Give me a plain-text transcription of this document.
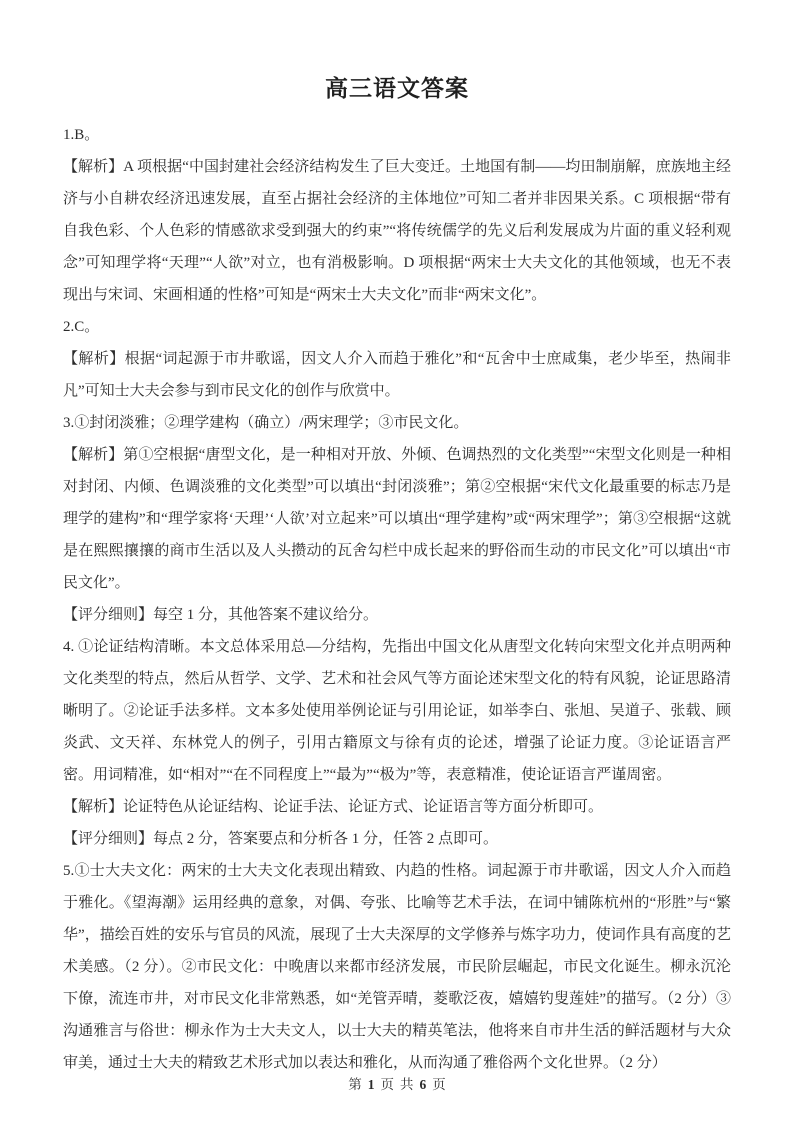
高三语文答案

1.B。

【解析】A 项根据“中国封建社会经济结构发生了巨大变迁。土地国有制——均田制崩解，庶族地主经济与小自耕农经济迅速发展，直至占据社会经济的主体地位”可知二者并非因果关系。C 项根据“带有自我色彩、个人色彩的情感欲求受到强大的约束”“将传统儒学的先义后利发展成为片面的重义轻利观念”可知理学将“天理”“人欲”对立，也有消极影响。D 项根据“两宋士大夫文化的其他领域，也无不表现出与宋词、宋画相通的性格”可知是“两宋士大夫文化”而非“两宋文化”。

2.C。

【解析】根据“词起源于市井歌谣，因文人介入而趋于雅化”和“瓦舍中士庶咸集，老少毕至，热闹非凡”可知士大夫会参与到市民文化的创作与欣赏中。

3.①封闭淡雅；②理学建构（确立）/两宋理学；③市民文化。

【解析】第①空根据“唐型文化，是一种相对开放、外倾、色调热烈的文化类型”“宋型文化则是一种相对封闭、内倾、色调淡雅的文化类型”可以填出“封闭淡雅”；第②空根据“宋代文化最重要的标志乃是理学的建构”和“理学家将‘天理’‘人欲’对立起来”可以填出“理学建构”或“两宋理学”；第③空根据“这就是在熙熙攘攘的商市生活以及人头攒动的瓦舍勾栏中成长起来的野俗而生动的市民文化”可以填出“市民文化”。

【评分细则】每空 1 分，其他答案不建议给分。

4. ①论证结构清晰。本文总体采用总—分结构，先指出中国文化从唐型文化转向宋型文化并点明两种文化类型的特点，然后从哲学、文学、艺术和社会风气等方面论述宋型文化的特有风貌，论证思路清晰明了。②论证手法多样。文本多处使用举例论证与引用论证，如举李白、张旭、吴道子、张载、顾炎武、文天祥、东林党人的例子，引用古籍原文与徐有贞的论述，增强了论证力度。③论证语言严密。用词精准，如“相对”“在不同程度上”“最为”“极为”等，表意精准，使论证语言严谨周密。

【解析】论证特色从论证结构、论证手法、论证方式、论证语言等方面分析即可。

【评分细则】每点 2 分，答案要点和分析各 1 分，任答 2 点即可。

5.①士大夫文化：两宋的士大夫文化表现出精致、内趋的性格。词起源于市井歌谣，因文人介入而趋于雅化。《望海潮》运用经典的意象，对偶、夸张、比喻等艺术手法，在词中铺陈杭州的“形胜”与“繁华”，描绘百姓的安乐与官员的风流，展现了士大夫深厚的文学修养与炼字功力，使词作具有高度的艺术美感。（2 分）。②市民文化：中晚唐以来都市经济发展，市民阶层崛起，市民文化诞生。柳永沉沦下僚，流连市井，对市民文化非常熟悉，如“羌管弄晴，菱歌泛夜，嬉嬉钓叟莲娃”的描写。（2 分）③沟通雅言与俗世：柳永作为士大夫文人，以士大夫的精英笔法，他将来自市井生活的鲜活题材与大众审美，通过士大夫的精致艺术形式加以表达和雅化，从而沟通了雅俗两个文化世界。（2 分）

第 1 页 共 6 页
